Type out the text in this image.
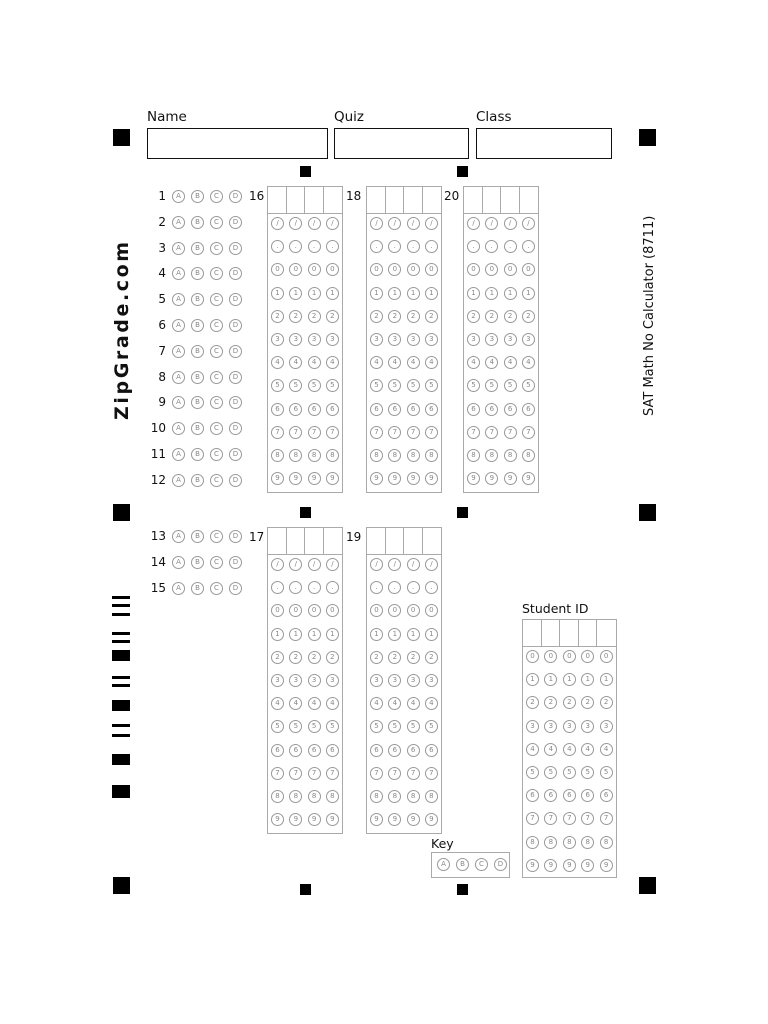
Name	Quiz	Class
ZipGrade.com	SAT Math No Calculator (8711)
1	A	B	C	D
2	A	B	C	D
3	A	B	C	D
4	A	B	C	D
5	A	B	C	D
6	A	B	C	D
7	A	B	C	D
8	A	B	C	D
9	A	B	C	D
10	A	B	C	D
11	A	B	C	D
12	A	B	C	D
13	A	B	C	D
14	A	B	C	D
15	A	B	C	D
16
/	/	/	/
.	.	.	.
0	0	0	0
1	1	1	1
2	2	2	2
3	3	3	3
4	4	4	4
5	5	5	5
6	6	6	6
7	7	7	7
8	8	8	8
9	9	9	9
18
/	/	/	/
.	.	.	.
0	0	0	0
1	1	1	1
2	2	2	2
3	3	3	3
4	4	4	4
5	5	5	5
6	6	6	6
7	7	7	7
8	8	8	8
9	9	9	9
20
/	/	/	/
.	.	.	.
0	0	0	0
1	1	1	1
2	2	2	2
3	3	3	3
4	4	4	4
5	5	5	5
6	6	6	6
7	7	7	7
8	8	8	8
9	9	9	9
17
/	/	/	/
.	.	.	.
0	0	0	0
1	1	1	1
2	2	2	2
3	3	3	3
4	4	4	4
5	5	5	5
6	6	6	6
7	7	7	7
8	8	8	8
9	9	9	9
19
/	/	/	/
.	.	.	.
0	0	0	0
1	1	1	1
2	2	2	2
3	3	3	3
4	4	4	4
5	5	5	5
6	6	6	6
7	7	7	7
8	8	8	8
9	9	9	9
Student ID
0	0	0	0	0
1	1	1	1	1
2	2	2	2	2
3	3	3	3	3
4	4	4	4	4
5	5	5	5	5
6	6	6	6	6
7	7	7	7	7
8	8	8	8	8
9	9	9	9	9
Key
A	B	C	D
